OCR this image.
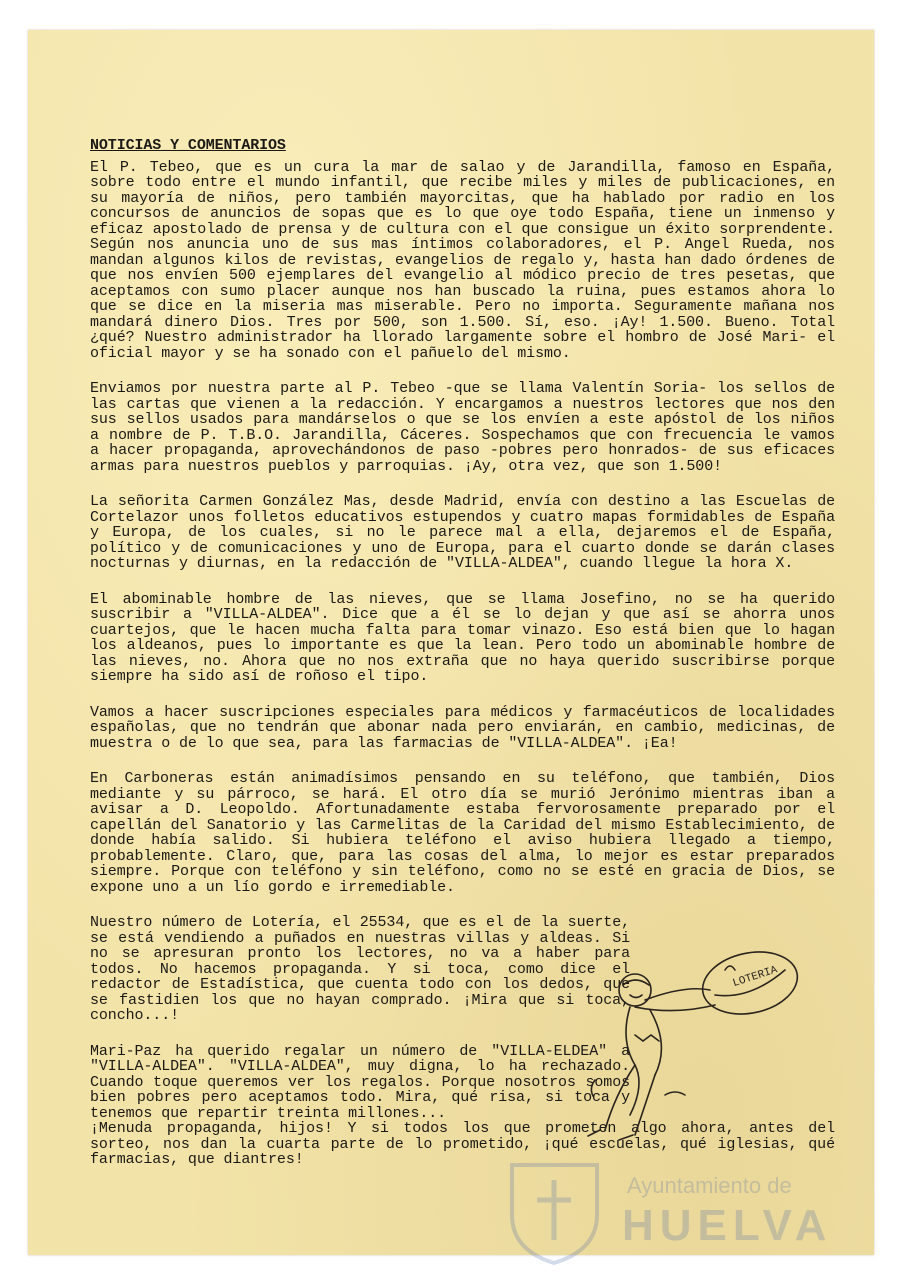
NOTICIAS_Y_COMENTARIOS

El P. Tebeo, que es un cura la mar de salao y de Jarandilla, famoso en España, sobre todo entre el mundo infantil, que recibe miles y miles de publicaciones, en su mayoría de niños, pero también mayorcitas, que ha hablado por radio en los concursos de anuncios de sopas que es lo que oye todo España, tiene un inmenso y eficaz apostolado de prensa y de cultura con el que consigue un éxito sorprendente. Según nos anuncia uno de sus mas íntimos colaboradores, el P. Angel Rueda, nos mandan algunos kilos de revistas, evangelios de regalo y, hasta han dado órdenes de que nos envíen 500 ejemplares del evangelio al módico precio de tres pesetas, que aceptamos con sumo placer aunque nos han buscado la ruina, pues estamos ahora lo que se dice en la miseria mas miserable. Pero no importa. Seguramente mañana nos mandará dinero Dios. Tres por 500, son 1.500. Sí, eso. ¡Ay! 1.500. Bueno. Total ¿qué? Nuestro administrador ha llorado largamente sobre el hombro de José Mari- el oficial mayor y se ha sonado con el pañuelo del mismo.

Enviamos por nuestra parte al P. Tebeo -que se llama Valentín Soria- los sellos de las cartas que vienen a la redacción. Y encargamos a nuestros lectores que nos den sus sellos usados para mandárselos o que se los envíen a este apóstol de los niños a nombre de P. T.B.O. Jarandilla, Cáceres. Sospechamos que con frecuencia le vamos a hacer propaganda, aprovechándonos de paso -pobres pero honrados- de sus eficaces armas para nuestros pueblos y parroquias. ¡Ay, otra vez, que son 1.500!

La señorita Carmen González Mas, desde Madrid, envía con destino a las Escuelas de Cortelazor unos folletos educativos estupendos y cuatro mapas formidables de España y Europa, de los cuales, si no le parece mal a ella, dejaremos el de España, político y de comunicaciones y uno de Europa, para el cuarto donde se darán clases nocturnas y diurnas, en la redacción de "VILLA-ALDEA", cuando llegue la hora X.

El abominable hombre de las nieves, que se llama Josefino, no se ha querido suscribir a "VILLA-ALDEA". Dice que a él se lo dejan y que así se ahorra unos cuartejos, que le hacen mucha falta para tomar vinazo. Eso está bien que lo hagan los aldeanos, pues lo importante es que la lean. Pero todo un abominable hombre de las nieves, no. Ahora que no nos extraña que no haya querido suscribirse porque siempre ha sido así de roñoso el tipo.

Vamos a hacer suscripciones especiales para médicos y farmacéuticos de localidades españolas, que no tendrán que abonar nada pero enviarán, en cambio, medicinas, de muestra o de lo que sea, para las farmacias de "VILLA-ALDEA". ¡Ea!

En Carboneras están animadísimos pensando en su teléfono, que también, Dios mediante y su párroco, se hará. El otro día se murió Jerónimo mientras iban a avisar a D. Leopoldo. Afortunadamente estaba fervorosamente preparado por el capellán del Sanatorio y las Carmelitas de la Caridad del mismo Establecimiento, de donde había salido. Si hubiera teléfono el aviso hubiera llegado a tiempo, probablemente. Claro, que, para las cosas del alma, lo mejor es estar preparados siempre. Porque con teléfono y sin teléfono, como no se esté en gracia de Dios, se expone uno a un lío gordo e irremediable.

Nuestro número de Lotería, el 25534, que es el de la suerte, se está vendiendo a puñados en nuestras villas y aldeas. Si no se apresuran pronto los lectores, no va a haber para todos. No hacemos propaganda. Y si toca, como dice el redactor de Estadística, que cuenta todo con los dedos, que se fastidien los que no hayan comprado. ¡Mira que si toca, concho...!

Mari-Paz ha querido regalar un número de "VILLA-ELDEA" a "VILLA-ALDEA". "VILLA-ALDEA", muy digna, lo ha rechazado. Cuando toque queremos ver los regalos. Porque nosotros somos bien pobres pero aceptamos todo. Mira, qué risa, si toca y tenemos que repartir treinta millones...

¡Menuda propaganda, hijos! Y si todos los que prometen algo ahora, antes del sorteo, nos dan la cuarta parte de lo prometido, ¡qué escuelas, qué iglesias, qué farmacias, que diantres!

LOTERIA
Ayuntamiento de
HUELVA
